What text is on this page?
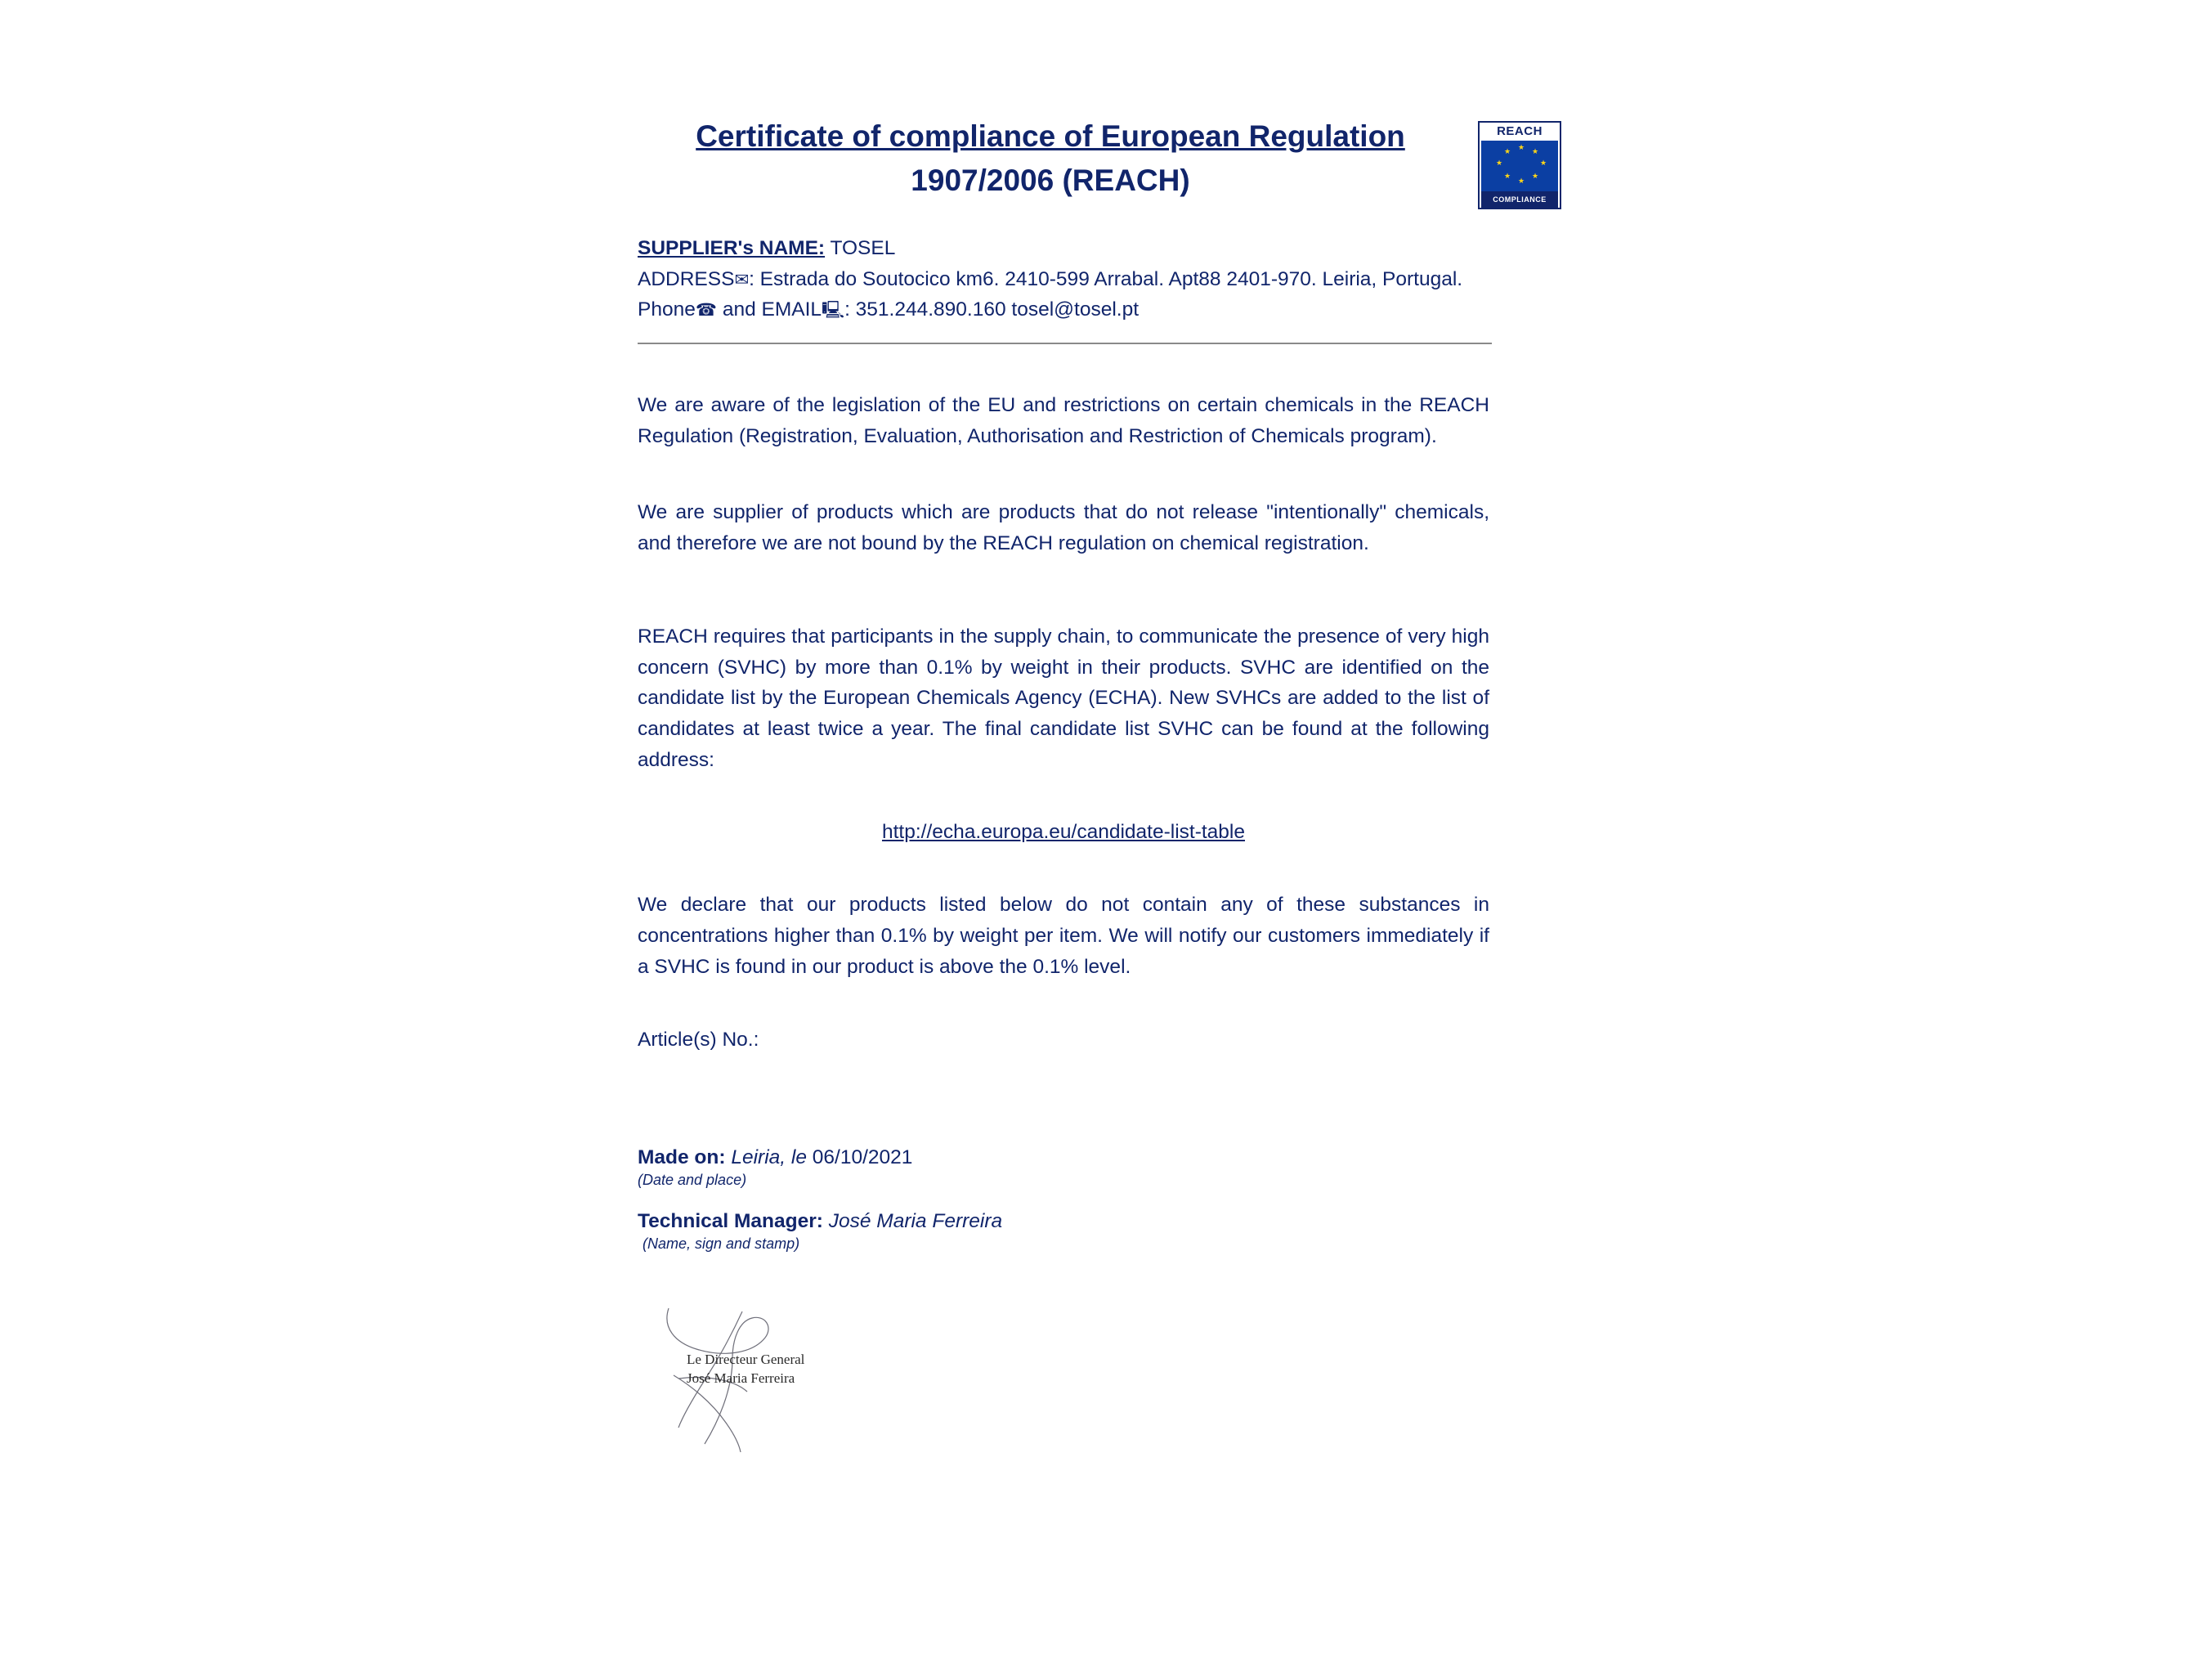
Certificate of compliance of European Regulation
1907/2006 (REACH)
REACH
★ ★
★
★
★
★
★
★
COMPLIANCE
SUPPLIER's NAME: TOSEL
ADDRESS✉: Estrada do Soutocico km6. 2410-599 Arrabal. Apt88 2401-970. Leiria, Portugal.
Phone☎ and EMAIL🖳: 351.244.890.160 tosel@tosel.pt

We are aware of the legislation of the EU and restrictions on certain chemicals in the REACH Regulation (Registration, Evaluation, Authorisation and Restriction of Chemicals program).

We are supplier of products which are products that do not release "intentionally" chemicals, and therefore we are not bound by the REACH regulation on chemical registration.

REACH requires that participants in the supply chain, to communicate the presence of very high concern (SVHC) by more than 0.1% by weight in their products. SVHC are identified on the candidate list by the European Chemicals Agency (ECHA). New SVHCs are added to the list of candidates at least twice a year. The final candidate list SVHC can be found at the following address:

http://echa.europa.eu/candidate-list-table

We declare that our products listed below do not contain any of these substances in concentrations higher than 0.1% by weight per item. We will notify our customers immediately if a SVHC is found in our product is above the 0.1% level.

Article(s) No.:
Made on: Leiria, le 06/10/2021
(Date and place)
Technical Manager: José Maria Ferreira
(Name, sign and stamp)
Le Directeur General
José Maria Ferreira
